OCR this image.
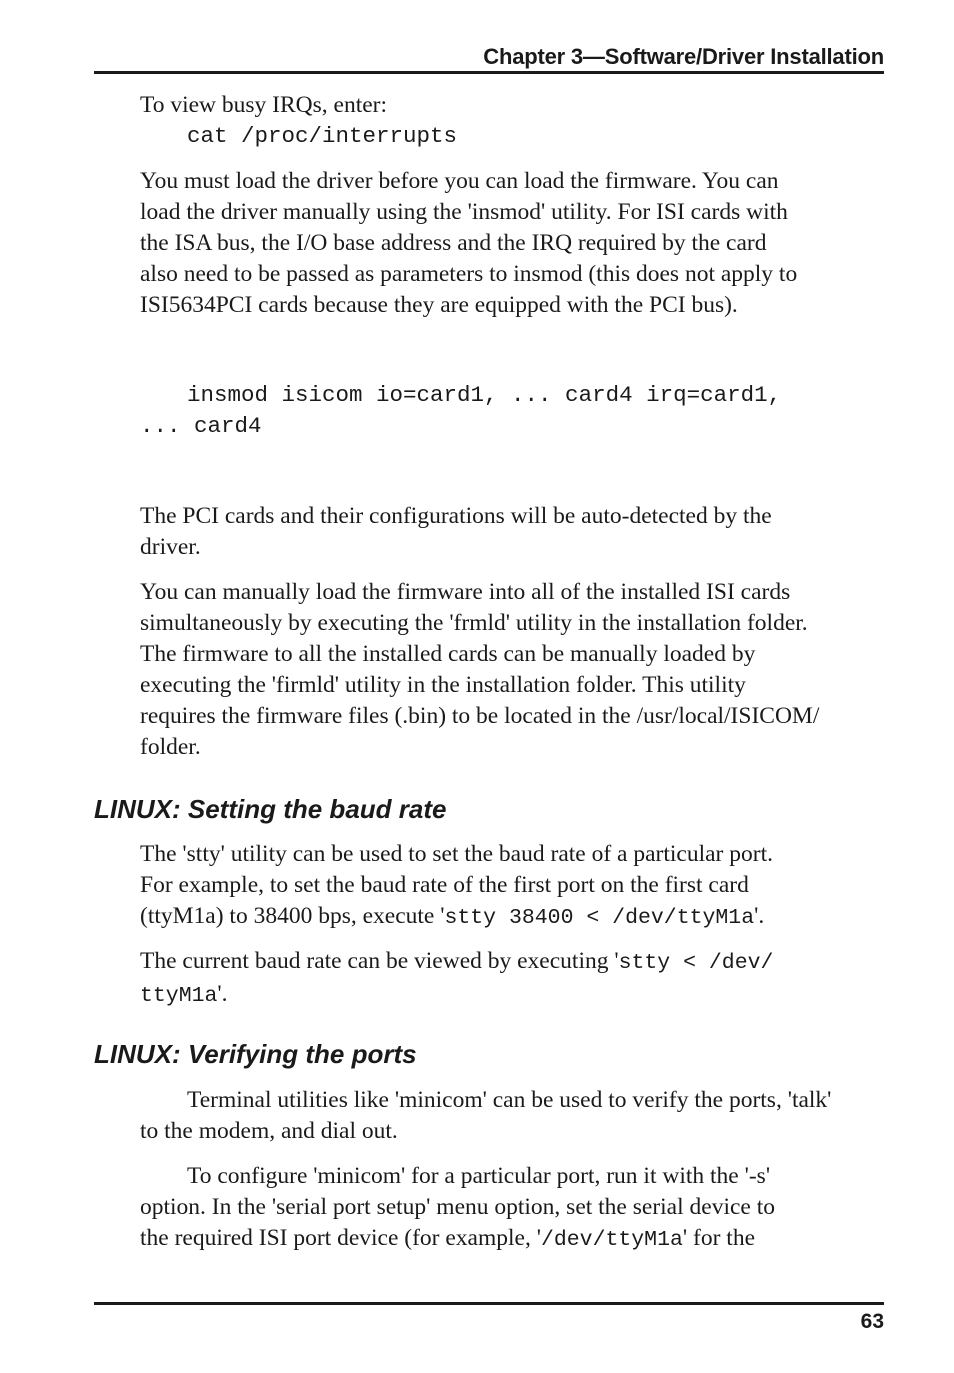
Chapter 3—Software/Driver Installation

To view busy IRQs, enter:

cat /proc/interrupts

You must load the driver before you can load the firmware. You can
load the driver manually using the 'insmod' utility. For ISI cards with
the ISA bus, the I/O base address and the IRQ required by the card
also need to be passed as parameters to insmod (this does not apply to
ISI5634PCI cards because they are equipped with the PCI bus).

insmod isicom io=card1, ... card4 irq=card1,
... card4

The PCI cards and their configurations will be auto-detected by the
driver.

You can manually load the firmware into all of the installed ISI cards
simultaneously by executing the 'frmld' utility in the installation folder.
The firmware to all the installed cards can be manually loaded by
executing the 'firmld' utility in the installation folder. This utility
requires the firmware files (.bin) to be located in the /usr/local/ISICOM/
folder.

LINUX: Setting the baud rate

The 'stty' utility can be used to set the baud rate of a particular port.
For example, to set the baud rate of the first port on the first card
(ttyM1a) to 38400 bps, execute 'stty 38400 < /dev/ttyM1a'.

The current baud rate can be viewed by executing 'stty < /dev/
ttyM1a'.

LINUX: Verifying the ports

Terminal utilities like 'minicom' can be used to verify the ports, 'talk'
to the modem, and dial out.

To configure 'minicom' for a particular port, run it with the '-s'
option. In the 'serial port setup' menu option, set the serial device to
the required ISI port device (for example, '/dev/ttyM1a' for the

63
